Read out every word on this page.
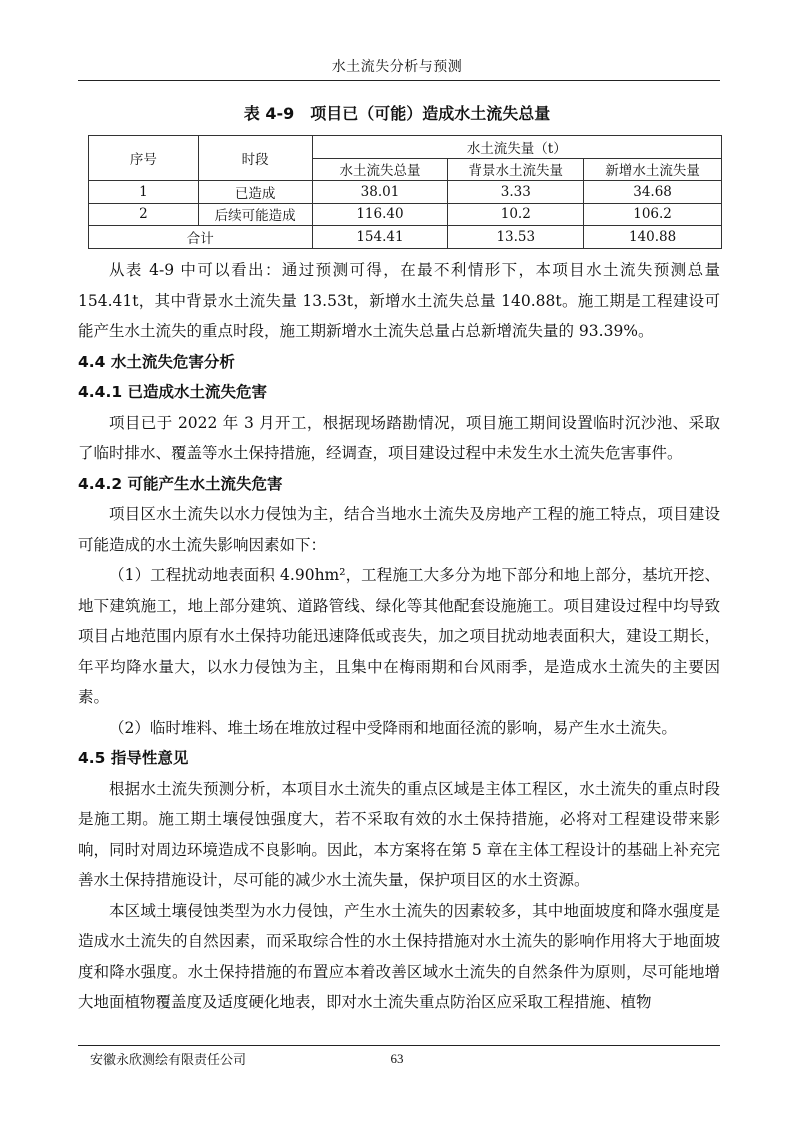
水土流失分析与预测
表 4-9　项目已（可能）造成水土流失总量
序号	时段	水土流失量（t）		
		水土流失总量	背景水土流失量	新增水土流失量
1	已造成	38.01	3.33	34.68
2	后续可能造成	116.40	10.2	106.2
合计		154.41	13.53	140.88

从表 4-9 中可以看出：通过预测可得，在最不利情形下，本项目水土流失预测总量154.41t，其中背景水土流失量 13.53t，新增水土流失总量 140.88t。施工期是工程建设可能产生水土流失的重点时段，施工期新增水土流失总量占总新增流失量的 93.39%。

4.4 水土流失危害分析

4.4.1 已造成水土流失危害

项目已于 2022 年 3 月开工，根据现场踏勘情况，项目施工期间设置临时沉沙池、采取了临时排水、覆盖等水土保持措施，经调查，项目建设过程中未发生水土流失危害事件。

4.4.2 可能产生水土流失危害

项目区水土流失以水力侵蚀为主，结合当地水土流失及房地产工程的施工特点，项目建设可能造成的水土流失影响因素如下：

（1）工程扰动地表面积 4.90hm²，工程施工大多分为地下部分和地上部分，基坑开挖、地下建筑施工，地上部分建筑、道路管线、绿化等其他配套设施施工。项目建设过程中均导致项目占地范围内原有水土保持功能迅速降低或丧失，加之项目扰动地表面积大，建设工期长，年平均降水量大，以水力侵蚀为主，且集中在梅雨期和台风雨季，是造成水土流失的主要因素。

（2）临时堆料、堆土场在堆放过程中受降雨和地面径流的影响，易产生水土流失。

4.5 指导性意见

根据水土流失预测分析，本项目水土流失的重点区域是主体工程区，水土流失的重点时段是施工期。施工期土壤侵蚀强度大，若不采取有效的水土保持措施，必将对工程建设带来影响，同时对周边环境造成不良影响。因此，本方案将在第 5 章在主体工程设计的基础上补充完善水土保持措施设计，尽可能的减少水土流失量，保护项目区的水土资源。

本区域土壤侵蚀类型为水力侵蚀，产生水土流失的因素较多，其中地面坡度和降水强度是造成水土流失的自然因素，而采取综合性的水土保持措施对水土流失的影响作用将大于地面坡度和降水强度。水土保持措施的布置应本着改善区域水土流失的自然条件为原则，尽可能地增大地面植物覆盖度及适度硬化地表，即对水土流失重点防治区应采取工程措施、植物

安徽永欣测绘有限责任公司	63
